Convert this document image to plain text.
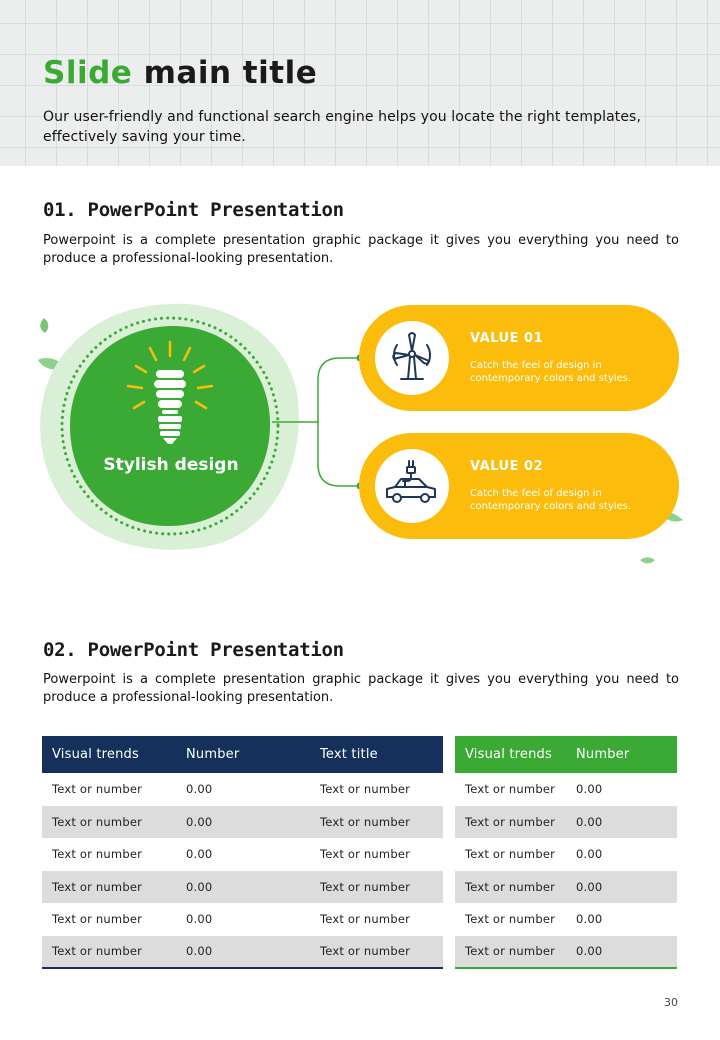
Slide main title
Our user-friendly and functional search engine helps you locate the right templates, effectively saving your time.
01. PowerPoint Presentation
Powerpoint is a complete presentation graphic package it gives you everything you need to produce a professional-looking presentation.
Stylish design
VALUE 01
Catch the feel of design in contemporary colors and styles.
VALUE 02
Catch the feel of design in contemporary colors and styles.
02. PowerPoint Presentation
Powerpoint is a complete presentation graphic package it gives you everything you need to produce a professional-looking presentation.
Visual trends	Number	Text title
Text or number	0.00	Text or number
Text or number	0.00	Text or number
Text or number	0.00	Text or number
Text or number	0.00	Text or number
Text or number	0.00	Text or number
Text or number	0.00	Text or number
Visual trends	Number
Text or number	0.00
Text or number	0.00
Text or number	0.00
Text or number	0.00
Text or number	0.00
Text or number	0.00
30
